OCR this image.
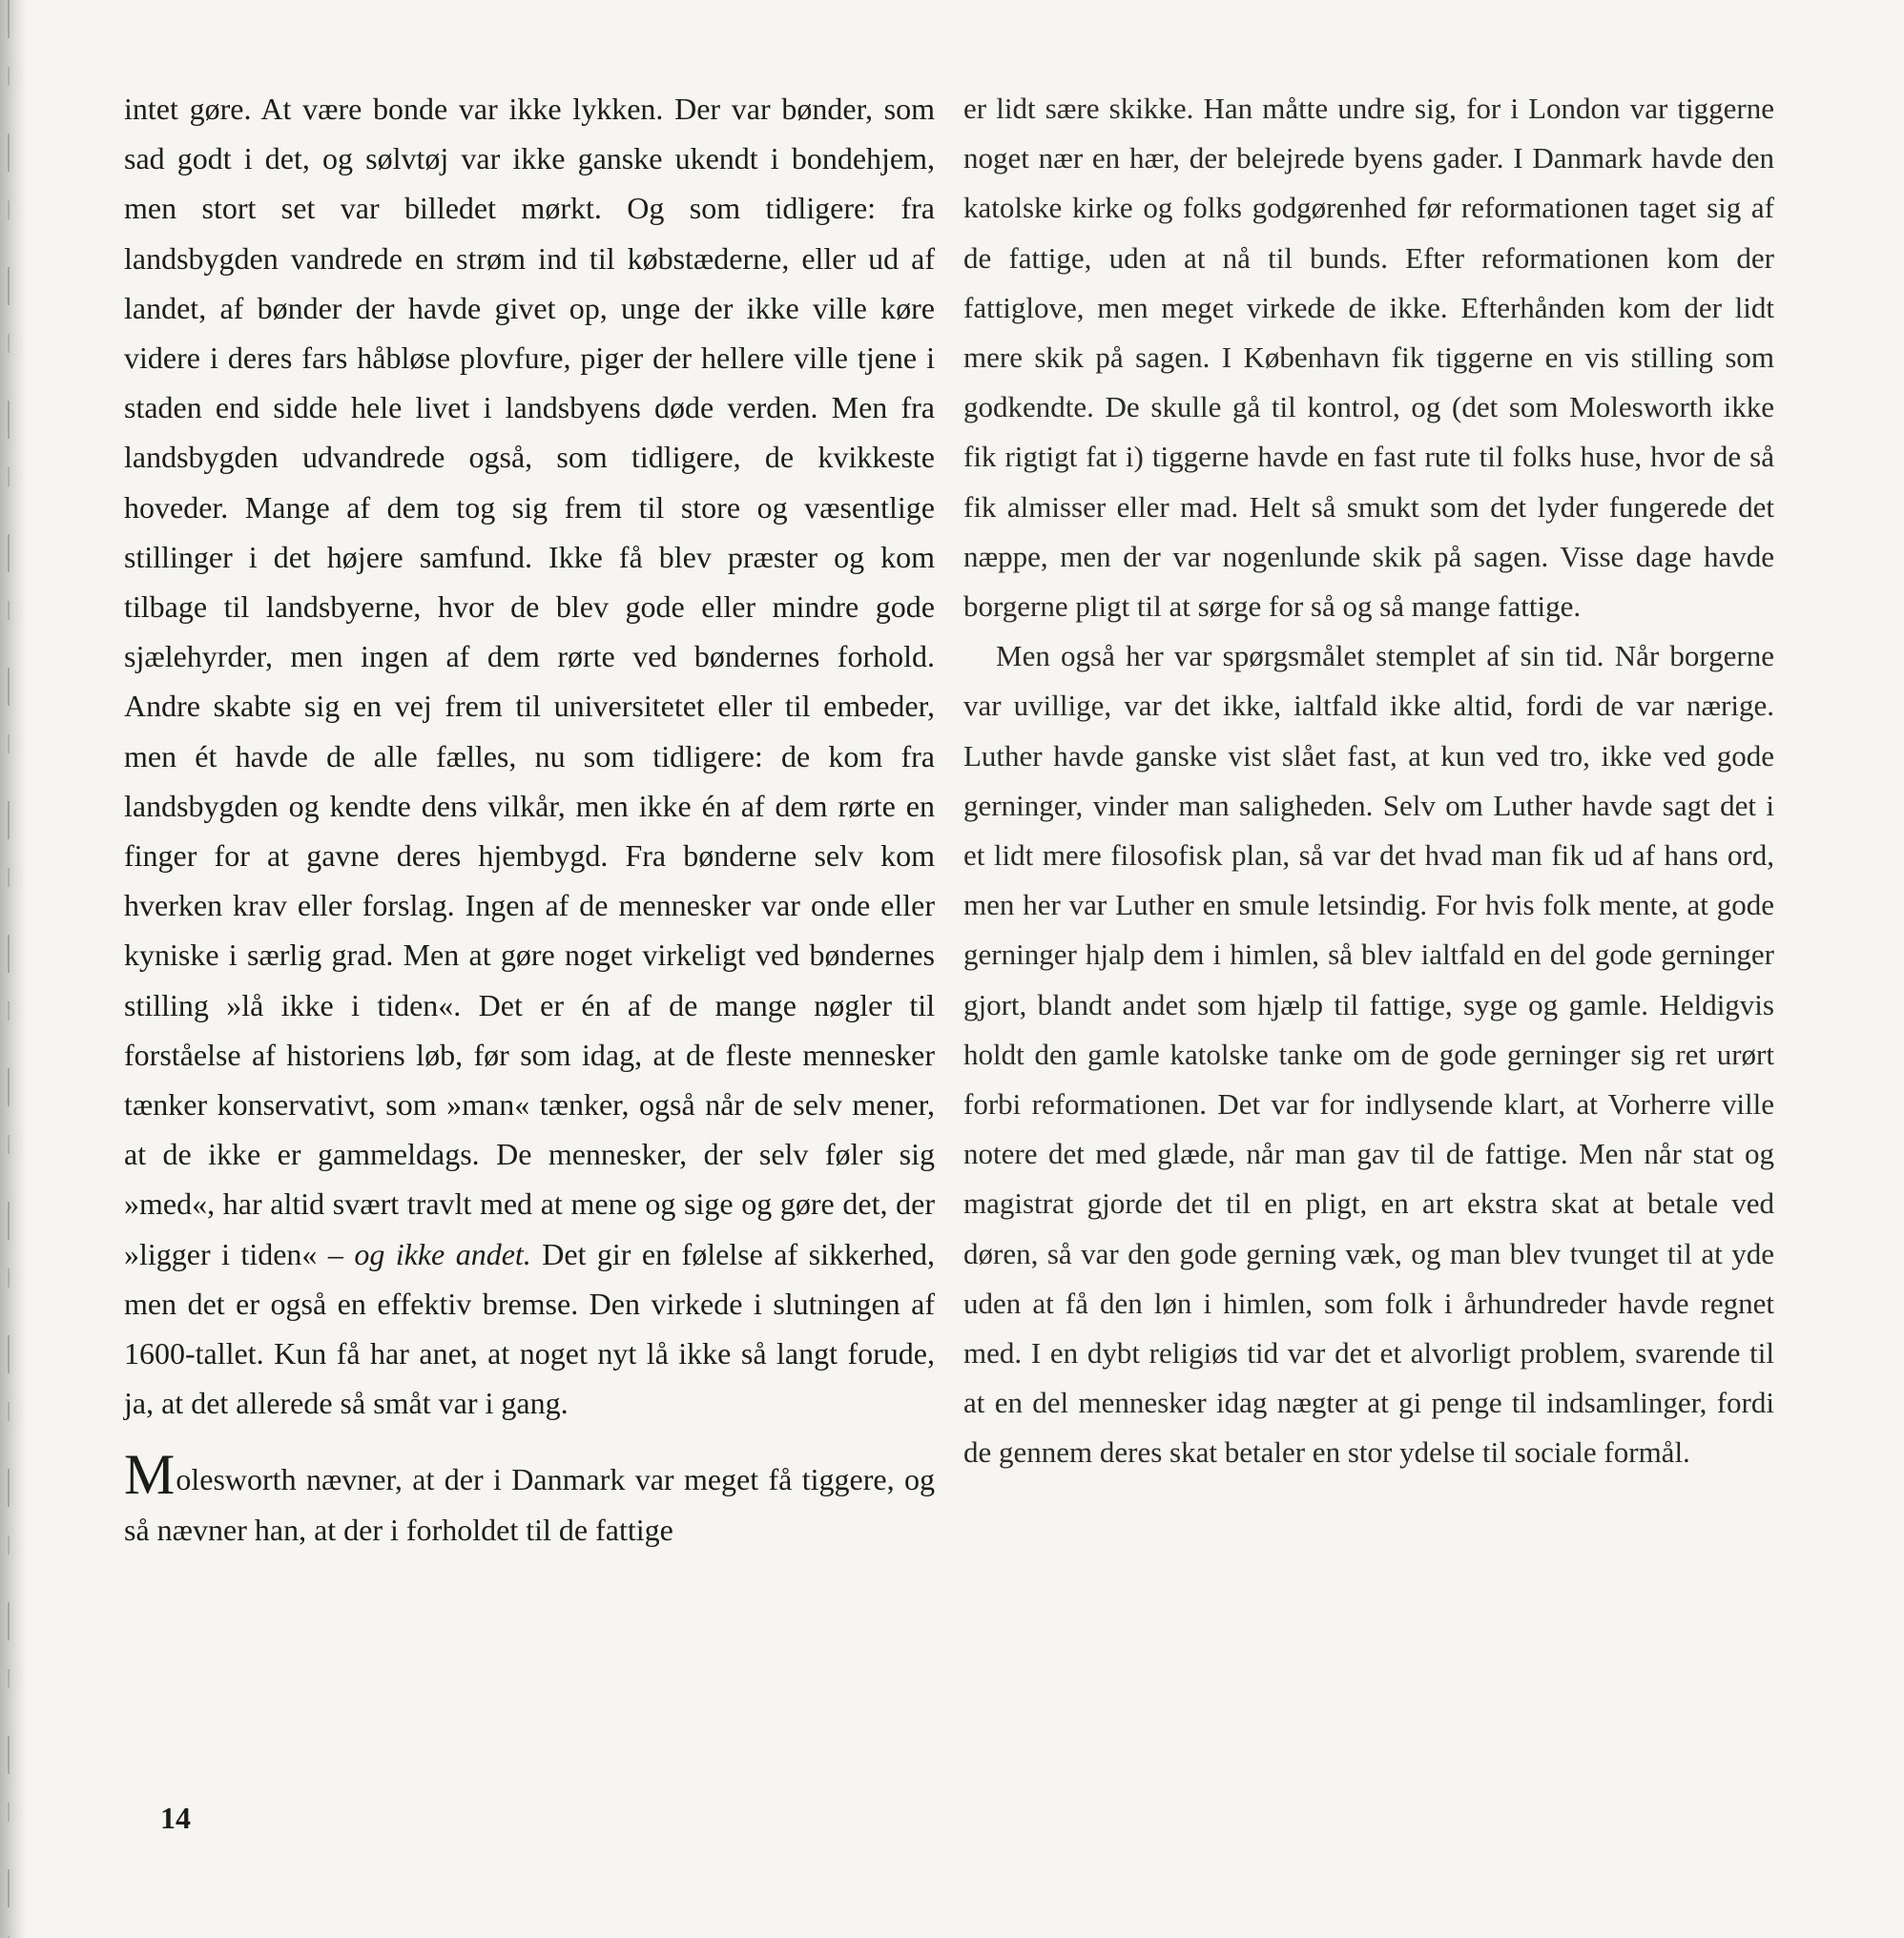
intet gøre. At være bonde var ikke lykken. Der var bønder, som sad godt i det, og sølvtøj var ikke ganske ukendt i bondehjem, men stort set var billedet mørkt. Og som tidligere: fra landsbygden vandrede en strøm ind til købstæderne, eller ud af landet, af bønder der havde givet op, unge der ikke ville køre videre i deres fars håbløse plovfure, piger der hellere ville tjene i staden end sidde hele livet i landsbyens døde verden. Men fra landsbygden udvandrede også, som tidligere, de kvikkeste hoveder. Mange af dem tog sig frem til store og væsentlige stillinger i det højere samfund. Ikke få blev præster og kom tilbage til landsbyerne, hvor de blev gode eller mindre gode sjælehyrder, men ingen af dem rørte ved bøndernes forhold. Andre skabte sig en vej frem til universitetet eller til embeder, men ét havde de alle fælles, nu som tidligere: de kom fra landsbygden og kendte dens vilkår, men ikke én af dem rørte en finger for at gavne deres hjembygd. Fra bønderne selv kom hverken krav eller forslag. Ingen af de mennesker var onde eller kyniske i særlig grad. Men at gøre noget virkeligt ved bøndernes stilling »lå ikke i tiden«. Det er én af de mange nøgler til forståelse af historiens løb, før som idag, at de fleste mennesker tænker konservativt, som »man« tænker, også når de selv mener, at de ikke er gammeldags. De mennesker, der selv føler sig »med«, har altid svært travlt med at mene og sige og gøre det, der »ligger i tiden« – og ikke andet. Det gir en følelse af sikkerhed, men det er også en effektiv bremse. Den virkede i slutningen af 1600-tallet. Kun få har anet, at noget nyt lå ikke så langt forude, ja, at det allerede så småt var i gang.

Molesworth nævner, at der i Danmark var meget få tiggere, og så nævner han, at der i forholdet til de fattige

er lidt sære skikke. Han måtte undre sig, for i London var tiggerne noget nær en hær, der belejrede byens gader. I Danmark havde den katolske kirke og folks godgørenhed før reformationen taget sig af de fattige, uden at nå til bunds. Efter reformationen kom der fattiglove, men meget virkede de ikke. Efterhånden kom der lidt mere skik på sagen. I København fik tiggerne en vis stilling som godkendte. De skulle gå til kontrol, og (det som Molesworth ikke fik rigtigt fat i) tiggerne havde en fast rute til folks huse, hvor de så fik almisser eller mad. Helt så smukt som det lyder fungerede det næppe, men der var nogenlunde skik på sagen. Visse dage havde borgerne pligt til at sørge for så og så mange fattige.

Men også her var spørgsmålet stemplet af sin tid. Når borgerne var uvillige, var det ikke, ialtfald ikke altid, fordi de var nærige. Luther havde ganske vist slået fast, at kun ved tro, ikke ved gode gerninger, vinder man saligheden. Selv om Luther havde sagt det i et lidt mere filosofisk plan, så var det hvad man fik ud af hans ord, men her var Luther en smule letsindig. For hvis folk mente, at gode gerninger hjalp dem i himlen, så blev ialtfald en del gode gerninger gjort, blandt andet som hjælp til fattige, syge og gamle. Heldigvis holdt den gamle katolske tanke om de gode gerninger sig ret urørt forbi reformationen. Det var for indlysende klart, at Vorherre ville notere det med glæde, når man gav til de fattige. Men når stat og magistrat gjorde det til en pligt, en art ekstra skat at betale ved døren, så var den gode gerning væk, og man blev tvunget til at yde uden at få den løn i himlen, som folk i århundreder havde regnet med. I en dybt religiøs tid var det et alvorligt problem, svarende til at en del mennesker idag nægter at gi penge til indsamlinger, fordi de gennem deres skat betaler en stor ydelse til sociale formål.

14
